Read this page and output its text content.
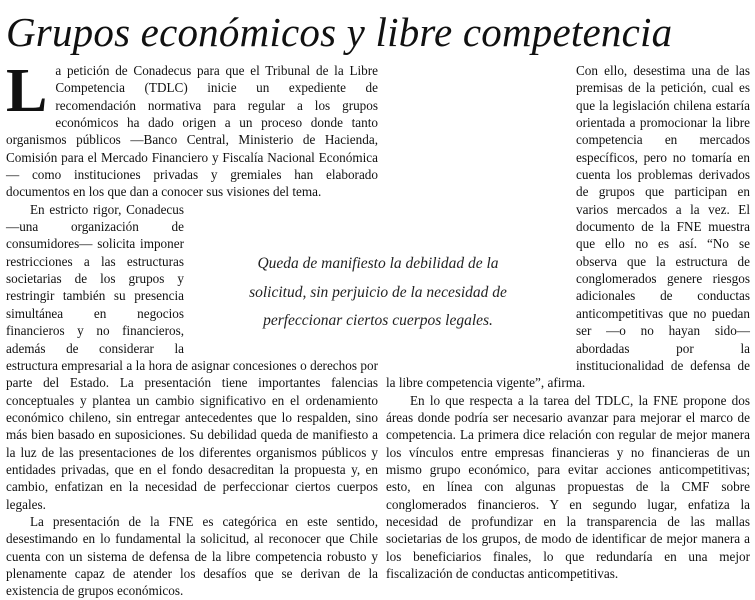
Grupos económicos y libre competencia

La petición de Conadecus para que el Tribunal de la Libre Competencia (TDLC) inicie un expediente de recomendación normativa para regular a los grupos económicos ha dado origen a un proceso donde tanto organismos públicos —Banco Central, Ministerio de Hacienda, Comisión para el Mercado Financiero y Fiscalía Nacional Económica— como instituciones privadas y gremiales han elaborado documentos en los que dan a conocer sus visiones del tema.

En estricto rigor, Conadecus —una organización de consumidores— solicita imponer restricciones a las estructuras societarias de los grupos y restringir también su presencia simultánea en negocios financieros y no financieros, además de considerar la estructura empresarial a la hora de asignar concesiones o derechos por parte del Estado. La presentación tiene importantes falencias conceptuales y plantea un cambio significativo en el ordenamiento económico chileno, sin entregar antecedentes que lo respalden, sino más bien basado en suposiciones. Su debilidad queda de manifiesto a la luz de las presentaciones de los diferentes organismos públicos y entidades privadas, que en el fondo desacreditan la propuesta y, en cambio, enfatizan en la necesidad de perfeccionar ciertos cuerpos legales.

La presentación de la FNE es categórica en este sentido, desestimando en lo fundamental la solicitud, al reconocer que Chile cuenta con un sistema de defensa de la libre competencia robusto y plenamente capaz de atender los desafíos que se derivan de la existencia de grupos económicos.

Con ello, desestima una de las premisas de la petición, cual es que la legislación chilena estaría orientada a promocionar la libre competencia en mercados específicos, pero no tomaría en cuenta los problemas derivados de grupos que participan en varios mercados a la vez. El documento de la FNE muestra que ello no es así. “No se observa que la estructura de conglomerados genere riesgos adicionales de conductas anticompetitivas que no puedan ser —o no hayan sido— abordadas por la institucionalidad de defensa de la libre competencia vigente”, afirma.

En lo que respecta a la tarea del TDLC, la FNE propone dos áreas donde podría ser necesario avanzar para mejorar el marco de competencia. La primera dice relación con regular de mejor manera los vínculos entre empresas financieras y no financieras de un mismo grupo económico, para evitar acciones anticompetitivas; esto, en línea con algunas propuestas de la CMF sobre conglomerados financieros. Y en segundo lugar, enfatiza la necesidad de profundizar en la transparencia de las mallas societarias de los grupos, de modo de identificar de mejor manera a los beneficiarios finales, lo que redundaría en una mejor fiscalización de conductas anticompetitivas.

Queda de manifiesto la debilidad de la solicitud, sin perjuicio de la necesidad de perfeccionar ciertos cuerpos legales.
